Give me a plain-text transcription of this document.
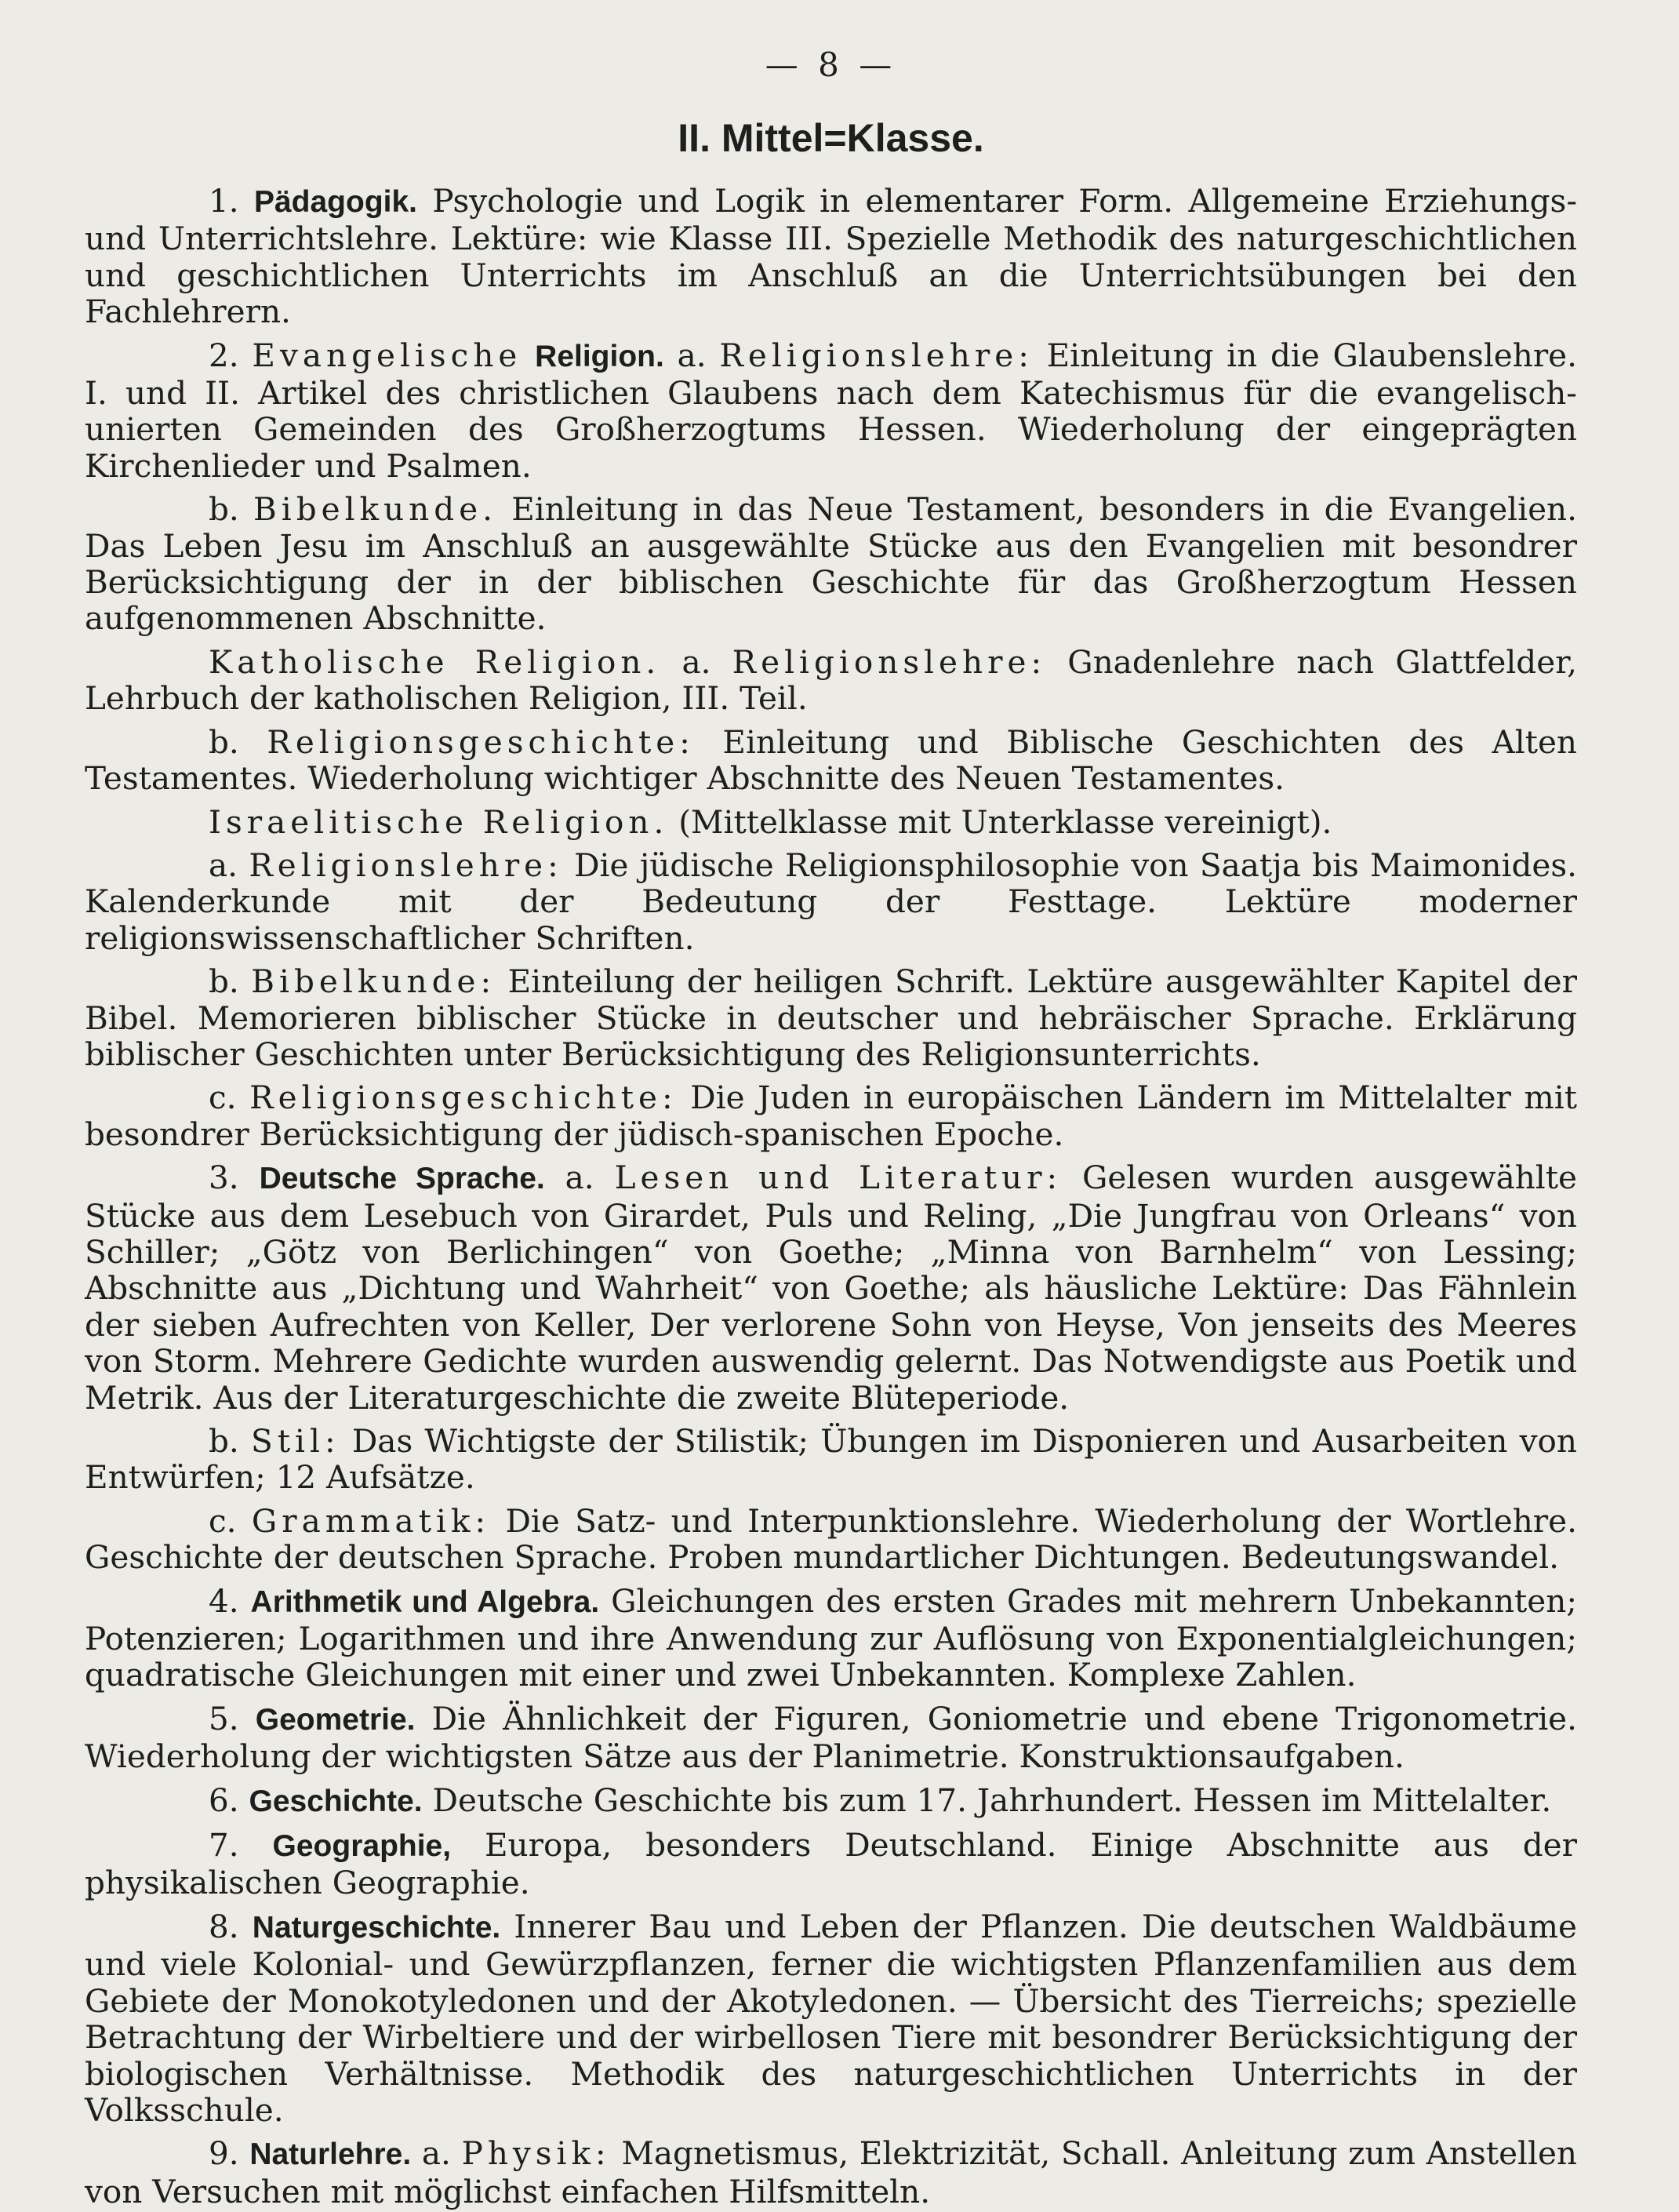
— 8 —
II. Mittel=Klasse.

1. Pädagogik. Psychologie und Logik in elementarer Form. Allgemeine Erziehungs- und Unterrichtslehre. Lektüre: wie Klasse III. Spezielle Methodik des naturgeschichtlichen und geschichtlichen Unterrichts im Anschluß an die Unterrichtsübungen bei den Fachlehrern.

2. Evangelische Religion. a. Religionslehre: Einleitung in die Glaubenslehre. I. und II. Artikel des christlichen Glaubens nach dem Katechismus für die evangelisch-unierten Gemeinden des Großherzogtums Hessen. Wiederholung der eingeprägten Kirchenlieder und Psalmen.

b. Bibelkunde. Einleitung in das Neue Testament, besonders in die Evangelien. Das Leben Jesu im Anschluß an ausgewählte Stücke aus den Evangelien mit besondrer Berücksichtigung der in der biblischen Geschichte für das Großherzogtum Hessen aufgenommenen Abschnitte.

Katholische Religion. a. Religionslehre: Gnadenlehre nach Glattfelder, Lehrbuch der katholischen Religion, III. Teil.

b. Religionsgeschichte: Einleitung und Biblische Geschichten des Alten Testamentes. Wiederholung wichtiger Abschnitte des Neuen Testamentes.

Israelitische Religion. (Mittelklasse mit Unterklasse vereinigt).

a. Religionslehre: Die jüdische Religionsphilosophie von Saatja bis Maimonides. Kalenderkunde mit der Bedeutung der Festtage. Lektüre moderner religionswissenschaftlicher Schriften.

b. Bibelkunde: Einteilung der heiligen Schrift. Lektüre ausgewählter Kapitel der Bibel. Memorieren biblischer Stücke in deutscher und hebräischer Sprache. Erklärung biblischer Geschichten unter Berücksichtigung des Religionsunterrichts.

c. Religionsgeschichte: Die Juden in europäischen Ländern im Mittelalter mit besondrer Berücksichtigung der jüdisch-spanischen Epoche.

3. Deutsche Sprache. a. Lesen und Literatur: Gelesen wurden ausgewählte Stücke aus dem Lesebuch von Girardet, Puls und Reling, „Die Jungfrau von Orleans“ von Schiller; „Götz von Berlichingen“ von Goethe; „Minna von Barnhelm“ von Lessing; Abschnitte aus „Dichtung und Wahrheit“ von Goethe; als häusliche Lektüre: Das Fähnlein der sieben Aufrechten von Keller, Der verlorene Sohn von Heyse, Von jenseits des Meeres von Storm. Mehrere Gedichte wurden auswendig gelernt. Das Notwendigste aus Poetik und Metrik. Aus der Literaturgeschichte die zweite Blüteperiode.

b. Stil: Das Wichtigste der Stilistik; Übungen im Disponieren und Ausarbeiten von Entwürfen; 12 Aufsätze.

c. Grammatik: Die Satz- und Interpunktionslehre. Wiederholung der Wortlehre. Geschichte der deutschen Sprache. Proben mundartlicher Dichtungen. Bedeutungswandel.

4. Arithmetik und Algebra. Gleichungen des ersten Grades mit mehrern Unbekannten; Potenzieren; Logarithmen und ihre Anwendung zur Auflösung von Exponentialgleichungen; quadratische Gleichungen mit einer und zwei Unbekannten. Komplexe Zahlen.

5. Geometrie. Die Ähnlichkeit der Figuren, Goniometrie und ebene Trigonometrie. Wiederholung der wichtigsten Sätze aus der Planimetrie. Konstruktionsaufgaben.

6. Geschichte. Deutsche Geschichte bis zum 17. Jahrhundert. Hessen im Mittelalter.

7. Geographie, Europa, besonders Deutschland. Einige Abschnitte aus der physikalischen Geographie.

8. Naturgeschichte. Innerer Bau und Leben der Pflanzen. Die deutschen Waldbäume und viele Kolonial- und Gewürzpflanzen, ferner die wichtigsten Pflanzenfamilien aus dem Gebiete der Monokotyledonen und der Akotyledonen. — Übersicht des Tierreichs; spezielle Betrachtung der Wirbeltiere und der wirbellosen Tiere mit besondrer Berücksichtigung der biologischen Verhältnisse. Methodik des naturgeschichtlichen Unterrichts in der Volksschule.

9. Naturlehre. a. Physik: Magnetismus, Elektrizität, Schall. Anleitung zum Anstellen von Versuchen mit möglichst einfachen Hilfsmitteln.
